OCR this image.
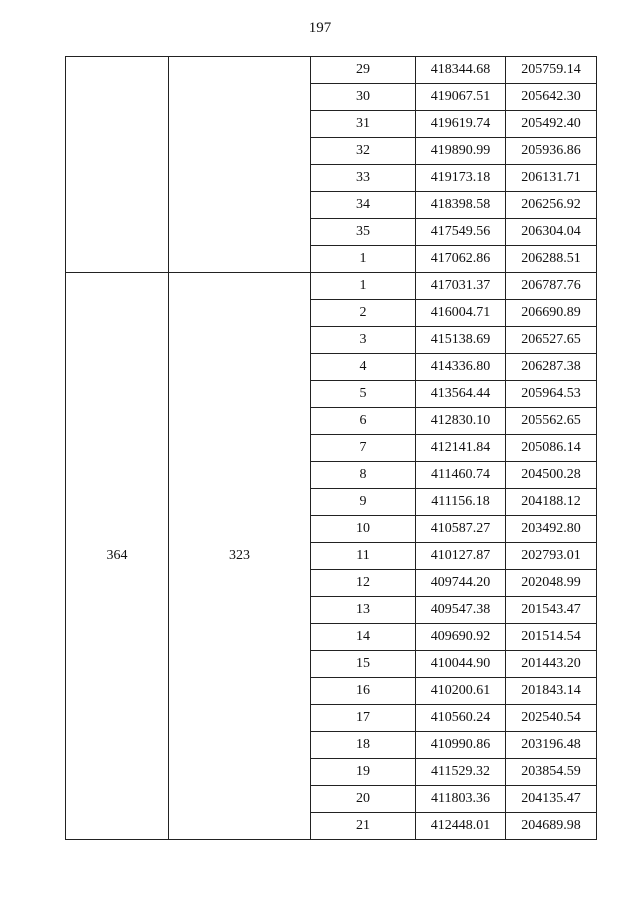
197
		29	418344.68	205759.14
		30	419067.51	205642.30
		31	419619.74	205492.40
		32	419890.99	205936.86
		33	419173.18	206131.71
		34	418398.58	206256.92
		35	417549.56	206304.04
		1	417062.86	206288.51
364	323	1	417031.37	206787.76
		2	416004.71	206690.89
		3	415138.69	206527.65
		4	414336.80	206287.38
		5	413564.44	205964.53
		6	412830.10	205562.65
		7	412141.84	205086.14
		8	411460.74	204500.28
		9	411156.18	204188.12
		10	410587.27	203492.80
		11	410127.87	202793.01
		12	409744.20	202048.99
		13	409547.38	201543.47
		14	409690.92	201514.54
		15	410044.90	201443.20
		16	410200.61	201843.14
		17	410560.24	202540.54
		18	410990.86	203196.48
		19	411529.32	203854.59
		20	411803.36	204135.47
		21	412448.01	204689.98
